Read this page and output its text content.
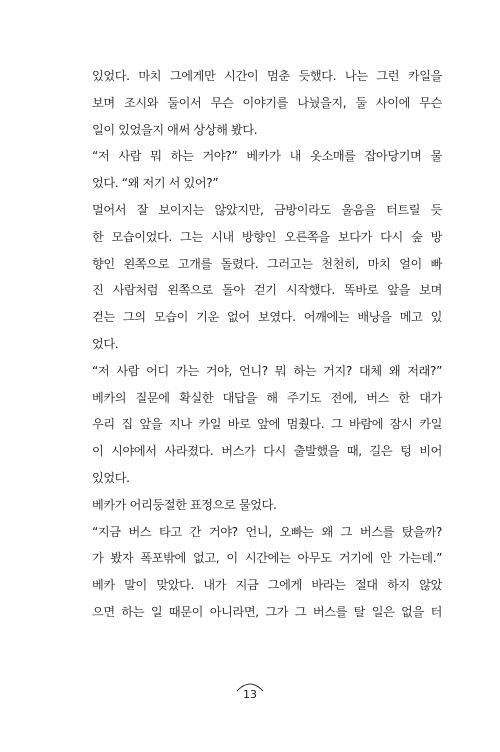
있었다. 마치 그에게만 시간이 멈춘 듯했다. 나는 그런 카일을
보며 조시와 둘이서 무슨 이야기를 나눴을지, 둘 사이에 무슨
일이 있었을지 애써 상상해 봤다.
“저 사람 뭐 하는 거야?” 베카가 내 옷소매를 잡아당기며 물
었다. “왜 저기 서 있어?”
멀어서 잘 보이지는 않았지만, 금방이라도 울음을 터트릴 듯
한 모습이었다. 그는 시내 방향인 오른쪽을 보다가 다시 숲 방
향인 왼쪽으로 고개를 돌렸다. 그러고는 천천히, 마치 얼이 빠
진 사람처럼 왼쪽으로 돌아 걷기 시작했다. 똑바로 앞을 보며
걷는 그의 모습이 기운 없어 보였다. 어깨에는 배낭을 메고 있
었다.
“저 사람 어디 가는 거야, 언니? 뭐 하는 거지? 대체 왜 저래?”
베카의 질문에 확실한 대답을 해 주기도 전에, 버스 한 대가
우리 집 앞을 지나 카일 바로 앞에 멈췄다. 그 바람에 잠시 카일
이 시야에서 사라졌다. 버스가 다시 출발했을 때, 길은 텅 비어
있었다.
베카가 어리둥절한 표정으로 물었다.
“지금 버스 타고 간 거야? 언니, 오빠는 왜 그 버스를 탔을까?
가 봤자 폭포밖에 없고, 이 시간에는 아무도 거기에 안 가는데.”
베카 말이 맞았다. 내가 지금 그에게 바라는 절대 하지 않았
으면 하는 일 때문이 아니라면, 그가 그 버스를 탈 일은 없을 터
13
